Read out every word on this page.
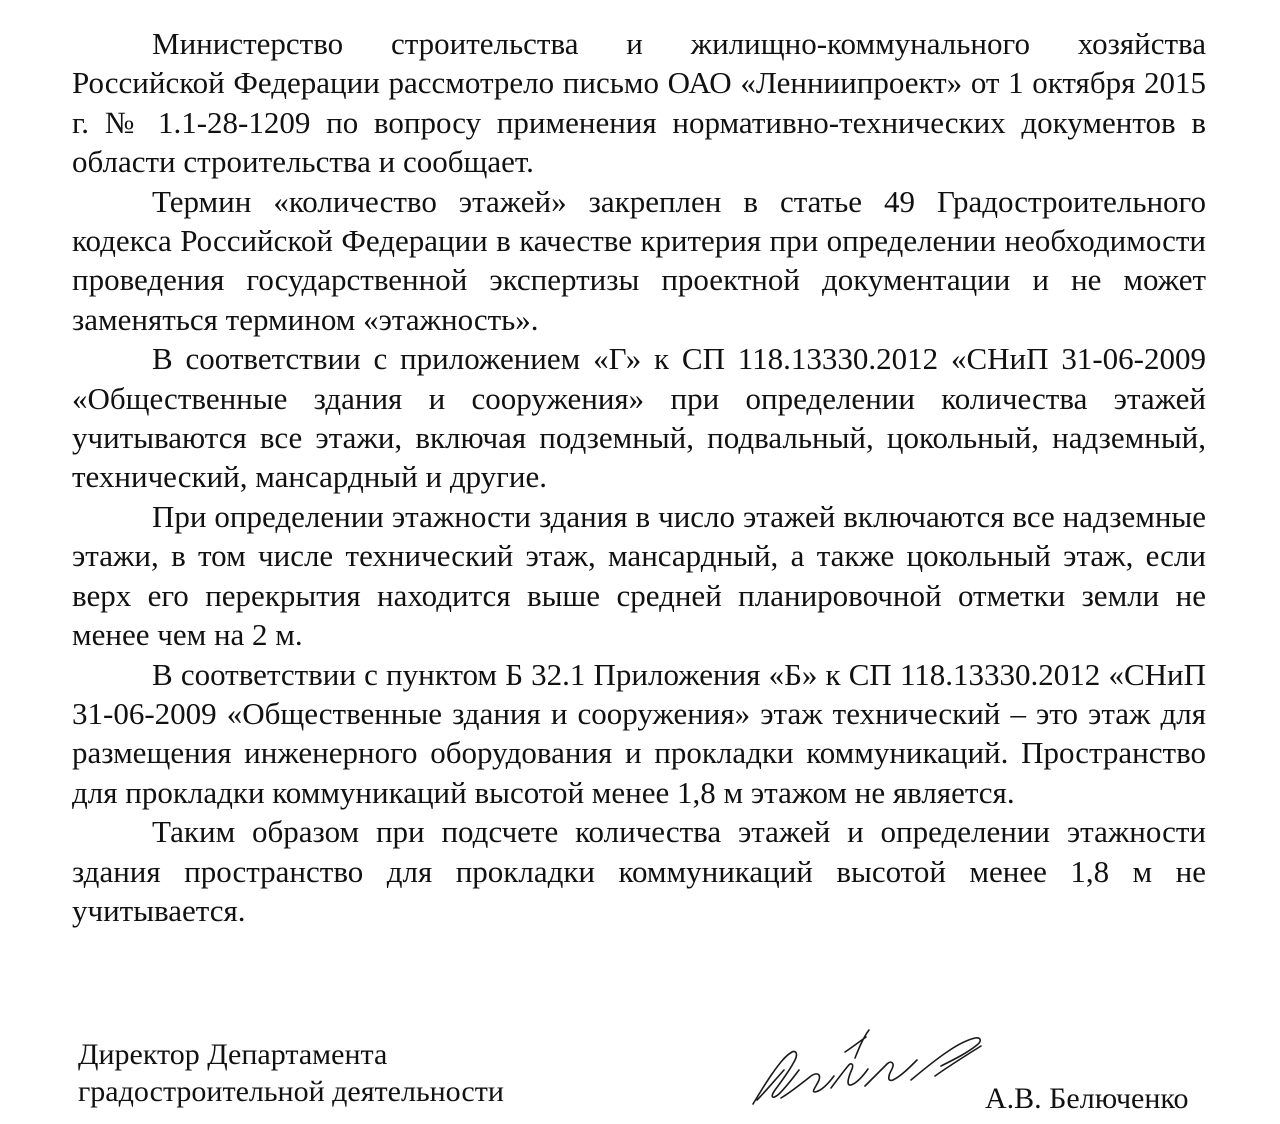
Министерство строительства и жилищно-коммунального хозяйства Российской Федерации рассмотрело письмо ОАО «Ленниипроект» от 1 октября 2015 г. № 1.1-28-1209 по вопросу применения нормативно-технических документов в области строительства и сообщает.

Термин «количество этажей» закреплен в статье 49 Градостроительного кодекса Российской Федерации в качестве критерия при определении необходимости проведения государственной экспертизы проектной документации и не может заменяться термином «этажность».

В соответствии с приложением «Г» к СП 118.13330.2012 «СНиП 31-06-2009 «Общественные здания и сооружения» при определении количества этажей учитываются все этажи, включая подземный, подвальный, цокольный, надземный, технический, мансардный и другие.

При определении этажности здания в число этажей включаются все надземные этажи, в том числе технический этаж, мансардный, а также цокольный этаж, если верх его перекрытия находится выше средней планировочной отметки земли не менее чем на 2 м.

В соответствии с пунктом Б 32.1 Приложения «Б» к СП 118.13330.2012 «СНиП 31-06-2009 «Общественные здания и сооружения» этаж технический – это этаж для размещения инженерного оборудования и прокладки коммуникаций. Пространство для прокладки коммуникаций высотой менее 1,8 м этажом не является.

Таким образом при подсчете количества этажей и определении этажности здания пространство для прокладки коммуникаций высотой менее 1,8 м не учитывается.

Директор Департамента
градостроительной деятельности	А.В. Белюченко
